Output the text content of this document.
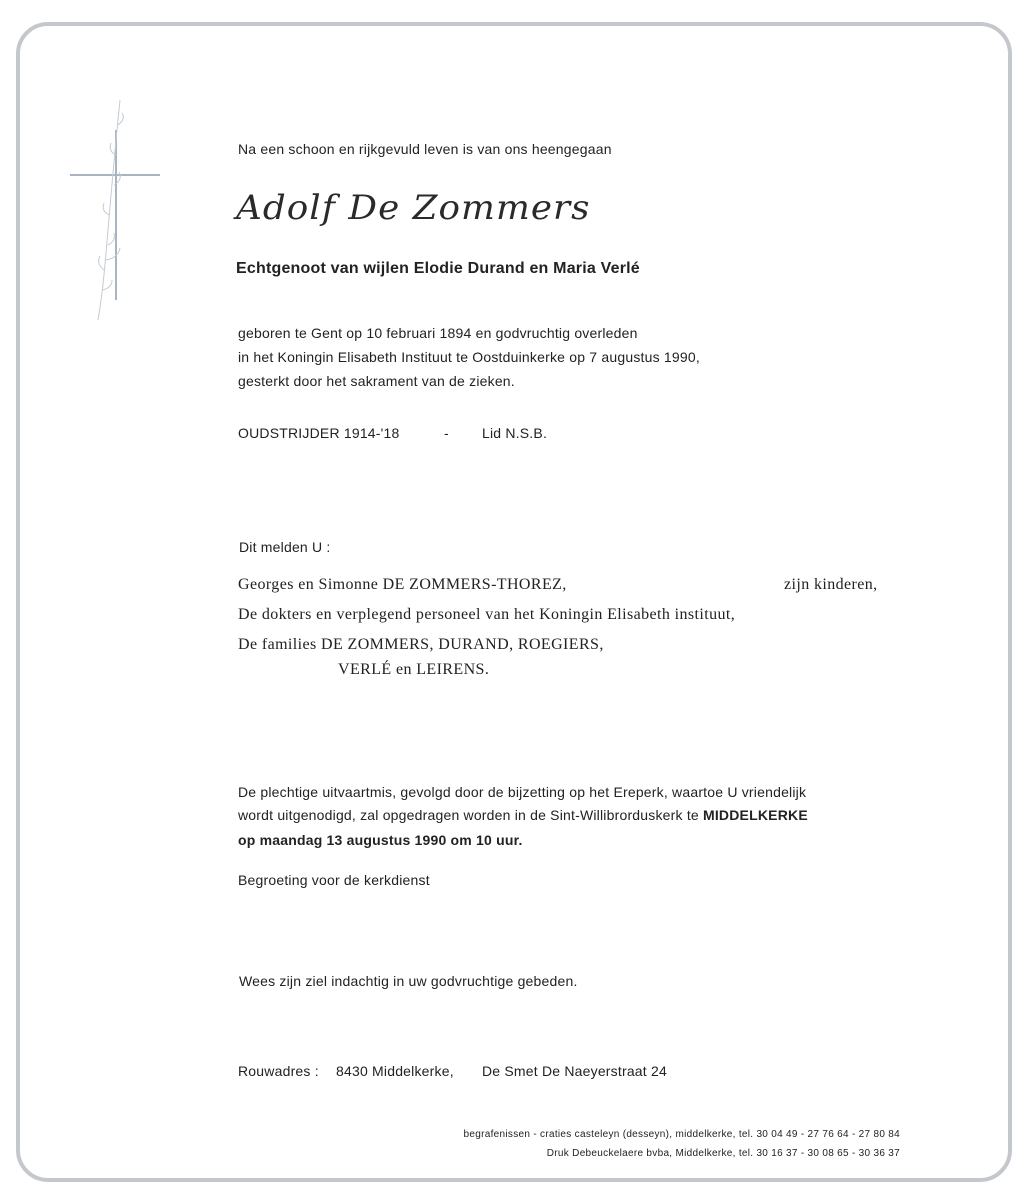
Na een schoon en rijkgevuld leven is van ons heengegaan
Adolf De Zommers
Echtgenoot van wijlen Elodie Durand en Maria Verlé
geboren te Gent op 10 februari 1894 en godvruchtig overleden
in het Koningin Elisabeth Instituut te Oostduinkerke op 7 augustus 1990,
gesterkt door het sakrament van de zieken.
OUDSTRIJDER 1914-'18	- Lid N.S.B.
Dit melden U :
Georges en Simonne DE ZOMMERS-THOREZ,	zijn kinderen,
De dokters en verplegend personeel van het Koningin Elisabeth instituut,
De families DE ZOMMERS, DURAND, ROEGIERS,
VERLÉ en LEIRENS.
De plechtige uitvaartmis, gevolgd door de bijzetting op het Ereperk, waartoe U vriendelijk
wordt uitgenodigd, zal opgedragen worden in de Sint-Willibrorduskerk te MIDDELKERKE
op maandag 13 augustus 1990 om 10 uur.
Begroeting voor de kerkdienst
Wees zijn ziel indachtig in uw godvruchtige gebeden.
Rouwadres : 8430 Middelkerke, De Smet De Naeyerstraat 24
begrafenissen - craties casteleyn (desseyn), middelkerke, tel. 30 04 49 - 27 76 64 - 27 80 84
Druk Debeuckelaere bvba, Middelkerke, tel. 30 16 37 - 30 08 65 - 30 36 37
